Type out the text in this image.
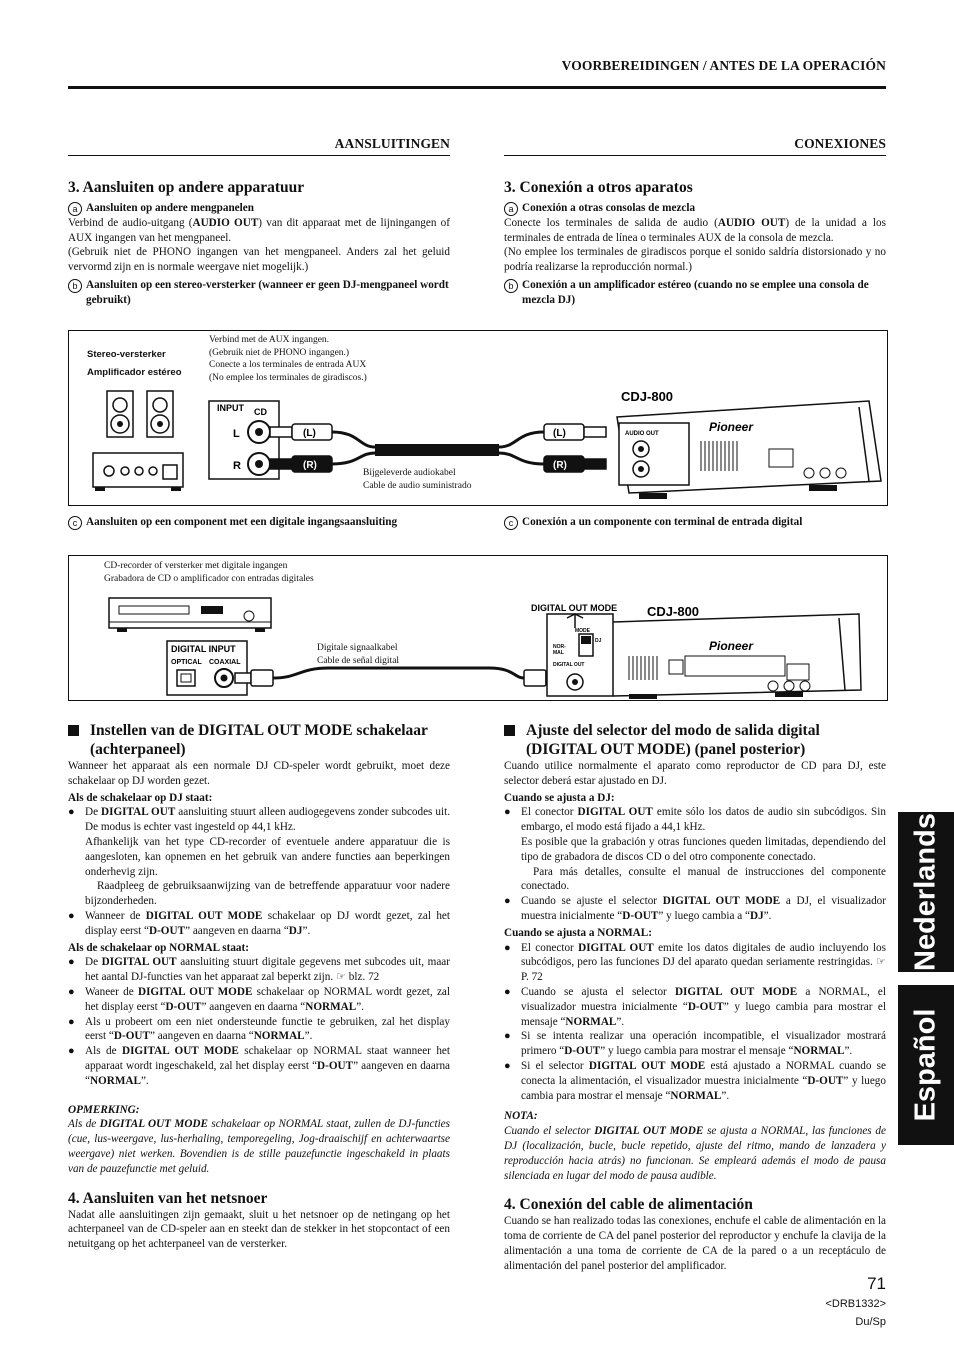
VOORBEREIDINGEN / ANTES DE LA OPERACIÓN
AANSLUITINGEN	CONEXIONES
3. Aansluiten op andere apparatuur
a Aansluiten op andere mengpanelen

Verbind de audio-uitgang (AUDIO OUT) van dit apparaat met de lijningangen of AUX ingangen van het mengpaneel.

(Gebruik niet de PHONO ingangen van het mengpaneel. Anders zal het geluid vervormd zijn en is normale weergave niet mogelijk.)

b Aansluiten op een stereo-versterker (wanneer er geen DJ-mengpaneel wordt gebruikt)
3. Conexión a otros aparatos
a Conexión a otras consolas de mezcla

Conecte los terminales de salida de audio (AUDIO OUT) de la unidad a los terminales de entrada de línea o terminales AUX de la consola de mezcla.

(No emplee los terminales de giradiscos porque el sonido saldría distorsionado y no podría realizarse la reproducción normal.)

b Conexión a un amplificador estéreo (cuando no se emplee una consola de mezcla DJ)
Stereo-versterker
Amplificador estéreo
Verbind met de AUX ingangen.
(Gebruik niet de PHONO ingangen.)
Conecte a los terminales de entrada AUX
(No emplee los terminales de giradiscos.)
Bijgeleverde audiokabel
Cable de audio suministrado
INPUT CD
L
R
(L)
(R)
(L)
(R)
CDJ-800
AUDIO OUT	Pioneer
c Aansluiten op een component met een digitale ingangsaansluiting	c Conexión a un componente con terminal de entrada digital
CD-recorder of versterker met digitale ingangen
Grabadora de CD o amplificador con entradas digitales
Digitale signaalkabel
Cable de señal digital
DIGITAL INPUT
OPTICAL COAXIAL
DIGITAL OUT MODE CDJ-800
MODE
DJ
NOR-
MAL
DIGITAL OUT
Pioneer
Instellen van de DIGITAL OUT MODE schakelaar (achterpaneel)

Wanneer het apparaat als een normale DJ CD-speler wordt gebruikt, moet deze schakelaar op DJ worden gezet.

Als de schakelaar op DJ staat:
● De DIGITAL OUT aansluiting stuurt alleen audiogegevens zonder subcodes uit. De modus is echter vast ingesteld op 44,1 kHz.

Afhankelijk van het type CD-recorder of eventuele andere apparatuur die is aangesloten, kan opnemen en het gebruik van andere functies aan beperkingen onderhevig zijn.

Raadpleeg de gebruiksaanwijzing van de betreffende apparatuur voor nadere bijzonderheden.

● Wanneer de DIGITAL OUT MODE schakelaar op DJ wordt gezet, zal het display eerst “D-OUT” aangeven en daarna “DJ”.
Als de schakelaar op NORMAL staat:
● De DIGITAL OUT aansluiting stuurt digitale gegevens met subcodes uit, maar het aantal DJ-functies van het apparaat zal beperkt zijn. ☞ blz. 72
● Waneer de DIGITAL OUT MODE schakelaar op NORMAL wordt gezet, zal het display eerst “D-OUT” aangeven en daarna “NORMAL”.
● Als u probeert om een niet ondersteunde functie te gebruiken, zal het display eerst “D-OUT” aangeven en daarna “NORMAL”.
● Als de DIGITAL OUT MODE schakelaar op NORMAL staat wanneer het apparaat wordt ingeschakeld, zal het display eerst “D-OUT” aangeven en daarna “NORMAL”.
OPMERKING:

Als de DIGITAL OUT MODE schakelaar op NORMAL staat, zullen de DJ-functies (cue, lus-weergave, lus-herhaling, temporegeling, Jog-draaischijf en achterwaartse weergave) niet werken. Bovendien is de stille pauzefunctie ingeschakeld in plaats van de pauzefunctie met geluid.

4. Aansluiten van het netsnoer

Nadat alle aansluitingen zijn gemaakt, sluit u het netsnoer op de netingang op het achterpaneel van de CD-speler aan en steekt dan de stekker in het stopcontact of een netuitgang op het achterpaneel van de versterker.

Ajuste del selector del modo de salida digital (DIGITAL OUT MODE) (panel posterior)

Cuando utilice normalmente el aparato como reproductor de CD para DJ, este selector deberá estar ajustado en DJ.

Cuando se ajusta a DJ:
● El conector DIGITAL OUT emite sólo los datos de audio sin subcódigos. Sin embargo, el modo está fijado a 44,1 kHz.

Es posible que la grabación y otras funciones queden limitadas, dependiendo del tipo de grabadora de discos CD o del otro componente conectado.

Para más detalles, consulte el manual de instrucciones del componente conectado.

● Cuando se ajuste el selector DIGITAL OUT MODE a DJ, el visualizador muestra inicialmente “D-OUT” y luego cambia a “DJ”.
Cuando se ajusta a NORMAL:
● El conector DIGITAL OUT emite los datos digitales de audio incluyendo los subcódigos, pero las funciones DJ del aparato quedan seriamente restringidas. ☞ P. 72
● Cuando se ajusta el selector DIGITAL OUT MODE a NORMAL, el visualizador muestra inicialmente “D-OUT” y luego cambia para mostrar el mensaje “NORMAL”.
● Si se intenta realizar una operación incompatible, el visualizador mostrará primero “D-OUT” y luego cambia para mostrar el mensaje “NORMAL”.
● Si el selector DIGITAL OUT MODE está ajustado a NORMAL cuando se conecta la alimentación, el visualizador muestra inicialmente “D-OUT” y luego cambia para mostrar el mensaje “NORMAL”.
NOTA:

Cuando el selector DIGITAL OUT MODE se ajusta a NORMAL, las funciones de DJ (localización, bucle, bucle repetido, ajuste del ritmo, mando de lanzadera y reproducción hacia atrás) no funcionan. Se empleará además el modo de pausa silenciada en lugar del modo de pausa audible.

4. Conexión del cable de alimentación

Cuando se han realizado todas las conexiones, enchufe el cable de alimentación en la toma de corriente de CA del panel posterior del reproductor y enchufe la clavija de la alimentación a una toma de corriente de CA de la pared o a un receptáculo de alimentación del panel posterior del amplificador.

Nederlands
Español
71
<DRB1332>
Du/Sp
